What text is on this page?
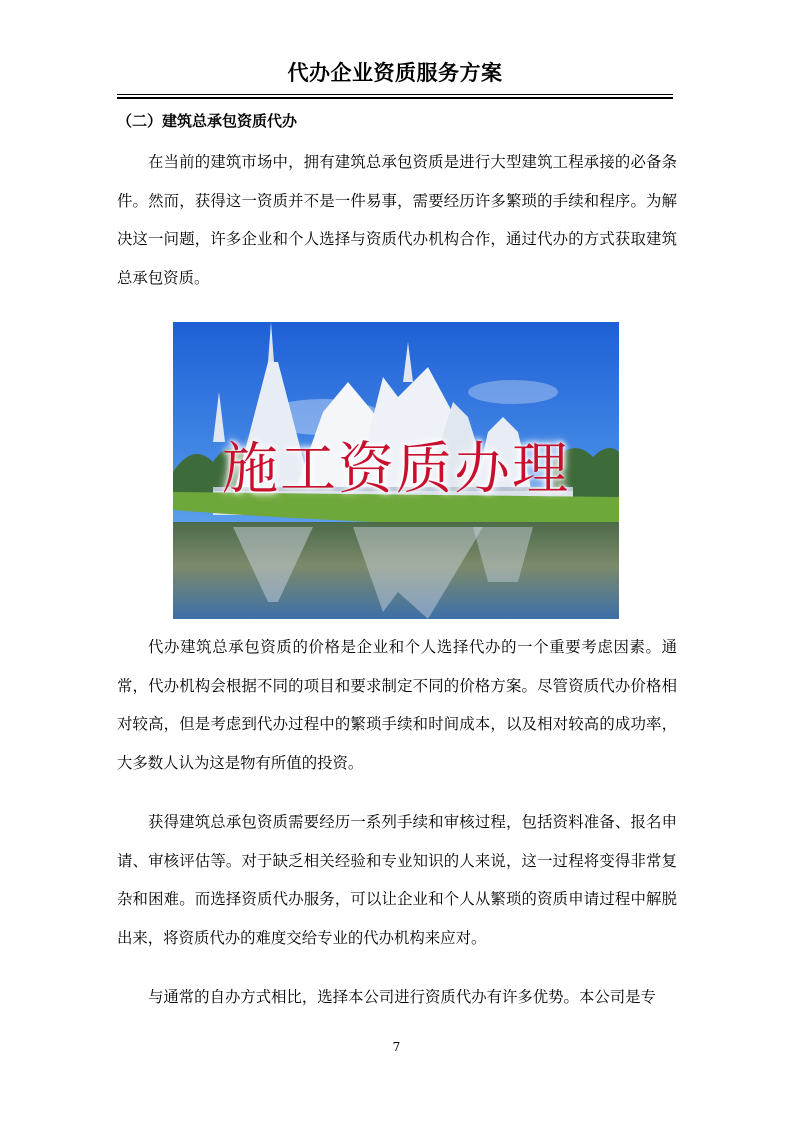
代办企业资质服务方案
（二）建筑总承包资质代办

在当前的建筑市场中，拥有建筑总承包资质是进行大型建筑工程承接的必备条件。然而，获得这一资质并不是一件易事，需要经历许多繁琐的手续和程序。为解决这一问题，许多企业和个人选择与资质代办机构合作，通过代办的方式获取建筑总承包资质。

施工资质办理

代办建筑总承包资质的价格是企业和个人选择代办的一个重要考虑因素。通常，代办机构会根据不同的项目和要求制定不同的价格方案。尽管资质代办价格相对较高，但是考虑到代办过程中的繁琐手续和时间成本，以及相对较高的成功率，大多数人认为这是物有所值的投资。

获得建筑总承包资质需要经历一系列手续和审核过程，包括资料准备、报名申请、审核评估等。对于缺乏相关经验和专业知识的人来说，这一过程将变得非常复杂和困难。而选择资质代办服务，可以让企业和个人从繁琐的资质申请过程中解脱出来，将资质代办的难度交给专业的代办机构来应对。

与通常的自办方式相比，选择本公司进行资质代办有许多优势。本公司是专

7
